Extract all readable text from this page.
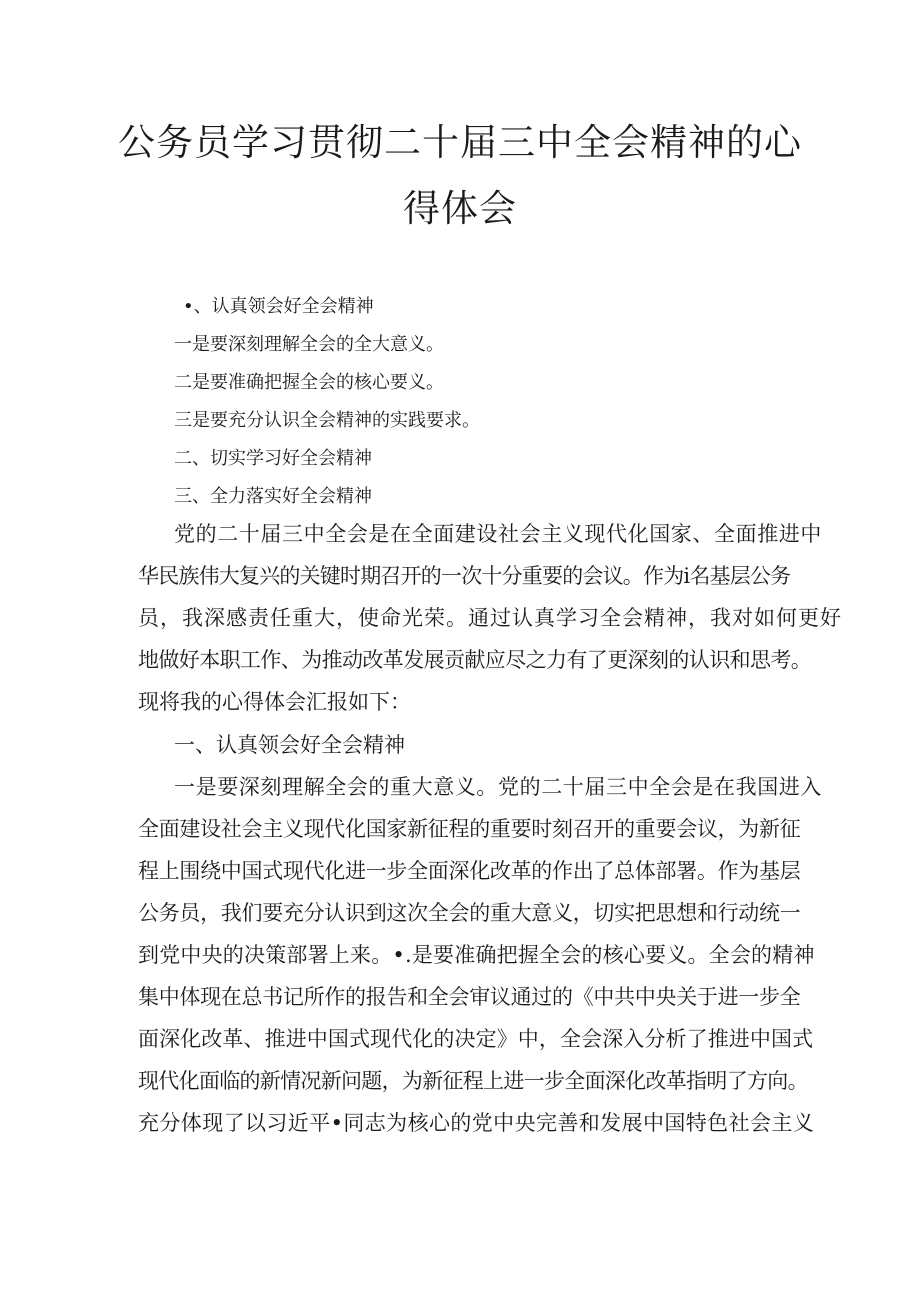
公务员学习贯彻二十届三中全会精神的心
得体会
•、认真领会好全会精神
一是要深刻理解全会的全大意义。
二是要准确把握全会的核心要义。
三是要充分认识全会精神的实践要求。
二、切实学习好全会精神
三、全力落实好全会精神
党的二十届三中全会是在全面建设社会主义现代化国家、全面推进中
华民族伟大复兴的关键时期召开的一次十分重要的会议。作为i名基层公务
员，我深感责任重大，使命光荣。通过认真学习全会精神，我对如何更好
地做好本职工作、为推动改革发展贡献应尽之力有了更深刻的认识和思考。
现将我的心得体会汇报如下：
一、认真领会好全会精神
一是要深刻理解全会的重大意义。党的二十届三中全会是在我国进入
全面建设社会主义现代化国家新征程的重要时刻召开的重要会议，为新征
程上围绕中国式现代化进一步全面深化改革的作出了总体部署。作为基层
公务员，我们要充分认识到这次全会的重大意义，切实把思想和行动统一
到党中央的决策部署上来。•.是要准确把握全会的核心要义。全会的精神
集中体现在总书记所作的报告和全会审议通过的《中共中央关于进一步全
面深化改革、推进中国式现代化的决定》中，全会深入分析了推进中国式
现代化面临的新情况新问题，为新征程上进一步全面深化改革指明了方向。
充分体现了以习近平•同志为核心的党中央完善和发展中国特色社会主义
